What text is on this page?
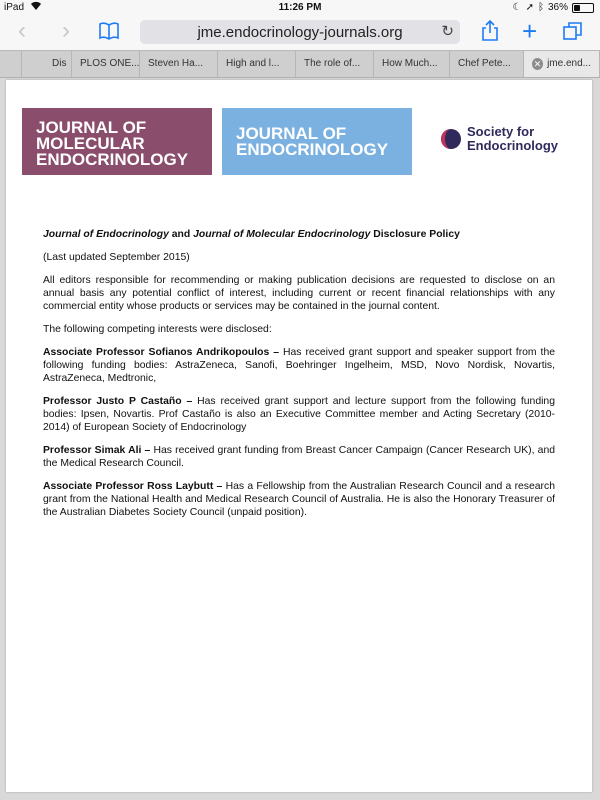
iPad	11:26 PM	☾ ➚ ᛒ 36%
‹ ›	jme.endocrinology-journals.org	↻	+
Dis	PLOS ONE... Steven Ha...	High and l...	The role of...	How Much...	Chef Pete...	✕ jme.end...
JOURNAL OF
MOLECULAR
ENDOCRINOLOGY
JOURNAL OF
ENDOCRINOLOGY
Society for
Endocrinology

Journal of Endocrinology and Journal of Molecular Endocrinology Disclosure Policy

(Last updated September 2015)

All editors responsible for recommending or making publication decisions are requested to disclose on an annual basis any potential conflict of interest, including current or recent financial relationships with any commercial entity whose products or services may be contained in the journal content.

The following competing interests were disclosed:

Associate Professor Sofianos Andrikopoulos – Has received grant support and speaker support from the following funding bodies: AstraZeneca, Sanofi, Boehringer Ingelheim, MSD, Novo Nordisk, Novartis, AstraZeneca, Medtronic,

Professor Justo P Castaño – Has received grant support and lecture support from the following funding bodies: Ipsen, Novartis. Prof Castaño is also an Executive Committee member and Acting Secretary (2010-2014) of European Society of Endocrinology

Professor Simak Ali – Has received grant funding from Breast Cancer Campaign (Cancer Research UK), and the Medical Research Council.

Associate Professor Ross Laybutt – Has a Fellowship from the Australian Research Council and a research grant from the National Health and Medical Research Council of Australia. He is also the Honorary Treasurer of the Australian Diabetes Society Council (unpaid position).
